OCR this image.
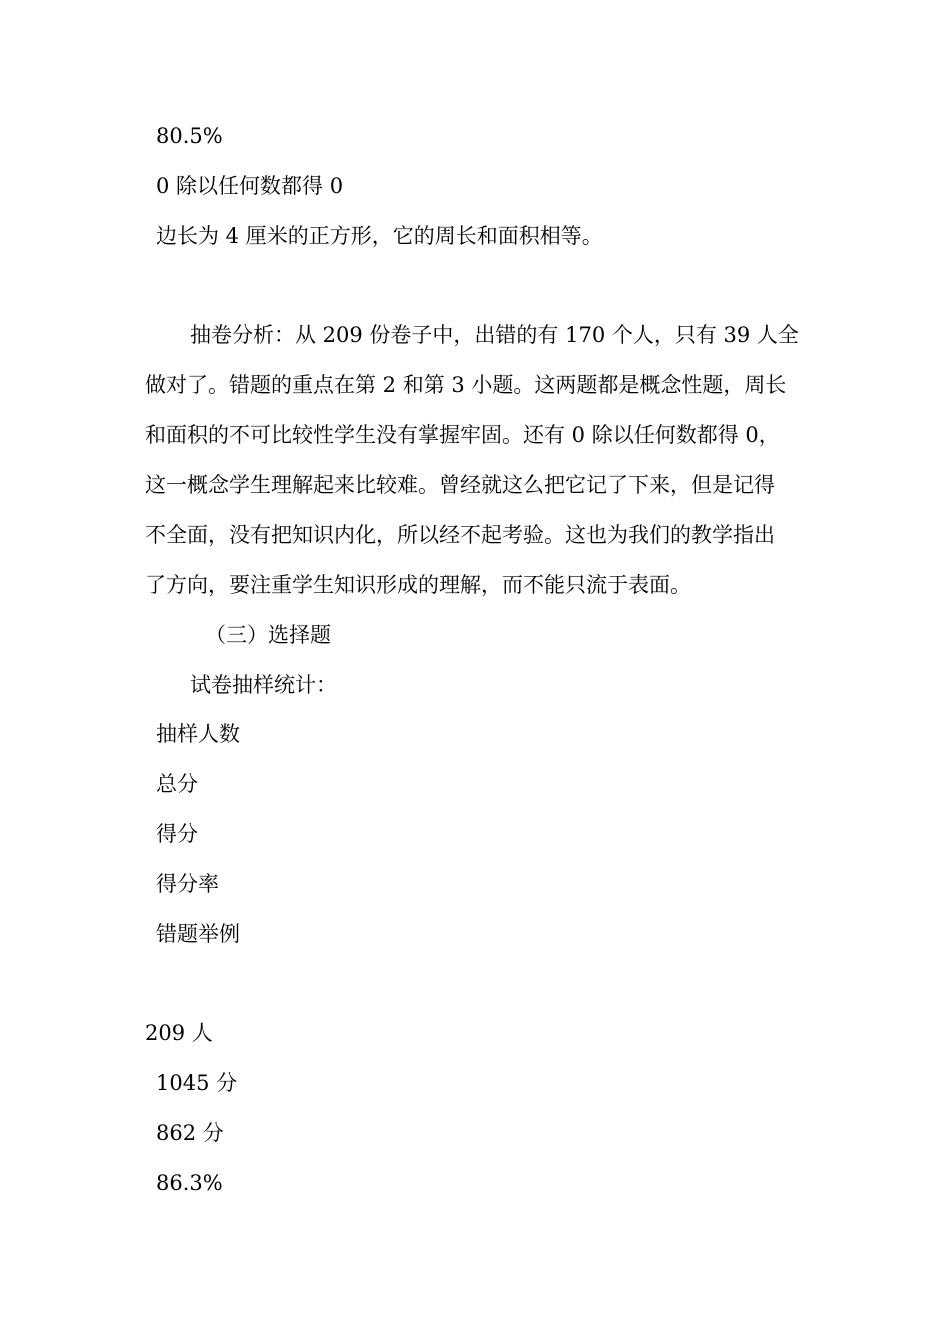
80.5%
0 除以任何数都得 0
边长为 4 厘米的正方形，它的周长和面积相等。
抽卷分析：从 209 份卷子中，出错的有 170 个人，只有 39 人全
做对了。错题的重点在第 2 和第 3 小题。这两题都是概念性题，周长
和面积的不可比较性学生没有掌握牢固。还有 0 除以任何数都得 0，
这一概念学生理解起来比较难。曾经就这么把它记了下来，但是记得
不全面，没有把知识内化，所以经不起考验。这也为我们的教学指出
了方向，要注重学生知识形成的理解，而不能只流于表面。
（三）选择题
试卷抽样统计：
抽样人数
总分
得分
得分率
错题举例
209 人
1045 分
862 分
86.3%
